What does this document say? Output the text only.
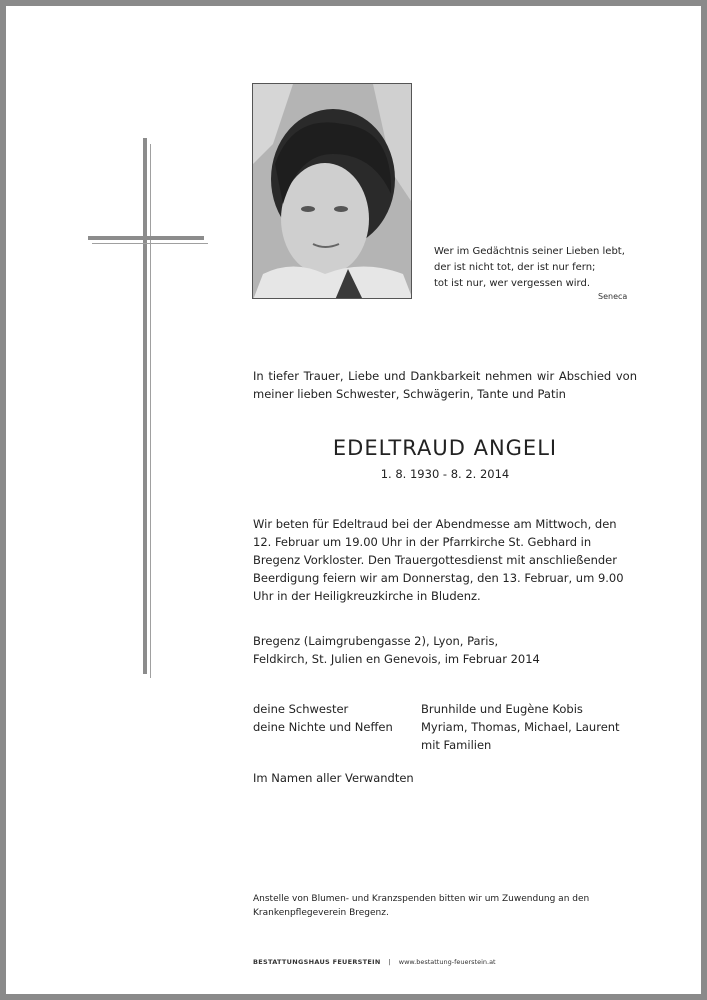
Wer im Gedächtnis seiner Lieben lebt,
der ist nicht tot, der ist nur fern;
tot ist nur, wer vergessen wird.
Seneca
In tiefer Trauer, Liebe und Dankbarkeit nehmen wir Abschied von meiner lieben Schwester, Schwägerin, Tante und Patin
EDELTRAUD ANGELI
1. 8. 1930 - 8. 2. 2014
Wir beten für Edeltraud bei der Abendmesse am Mittwoch, den 12. Februar um 19.00 Uhr in der Pfarrkirche St. Gebhard in Bregenz Vorkloster. Den Trauergottesdienst mit anschließender Beerdigung feiern wir am Donnerstag, den 13. Februar, um 9.00 Uhr in der Heiligkreuzkirche in Bludenz.
Bregenz (Laimgrubengasse 2), Lyon, Paris,
Feldkirch, St. Julien en Genevois, im Februar 2014
deine Schwester
deine Nichte und Neffen
Brunhilde und Eugène Kobis
Myriam, Thomas, Michael, Laurent
mit Familien
Im Namen aller Verwandten
Anstelle von Blumen- und Kranzspenden bitten wir um Zuwendung an den Krankenpflegeverein Bregenz.
BESTATTUNGSHAUS FEUERSTEIN | www.bestattung-feuerstein.at
